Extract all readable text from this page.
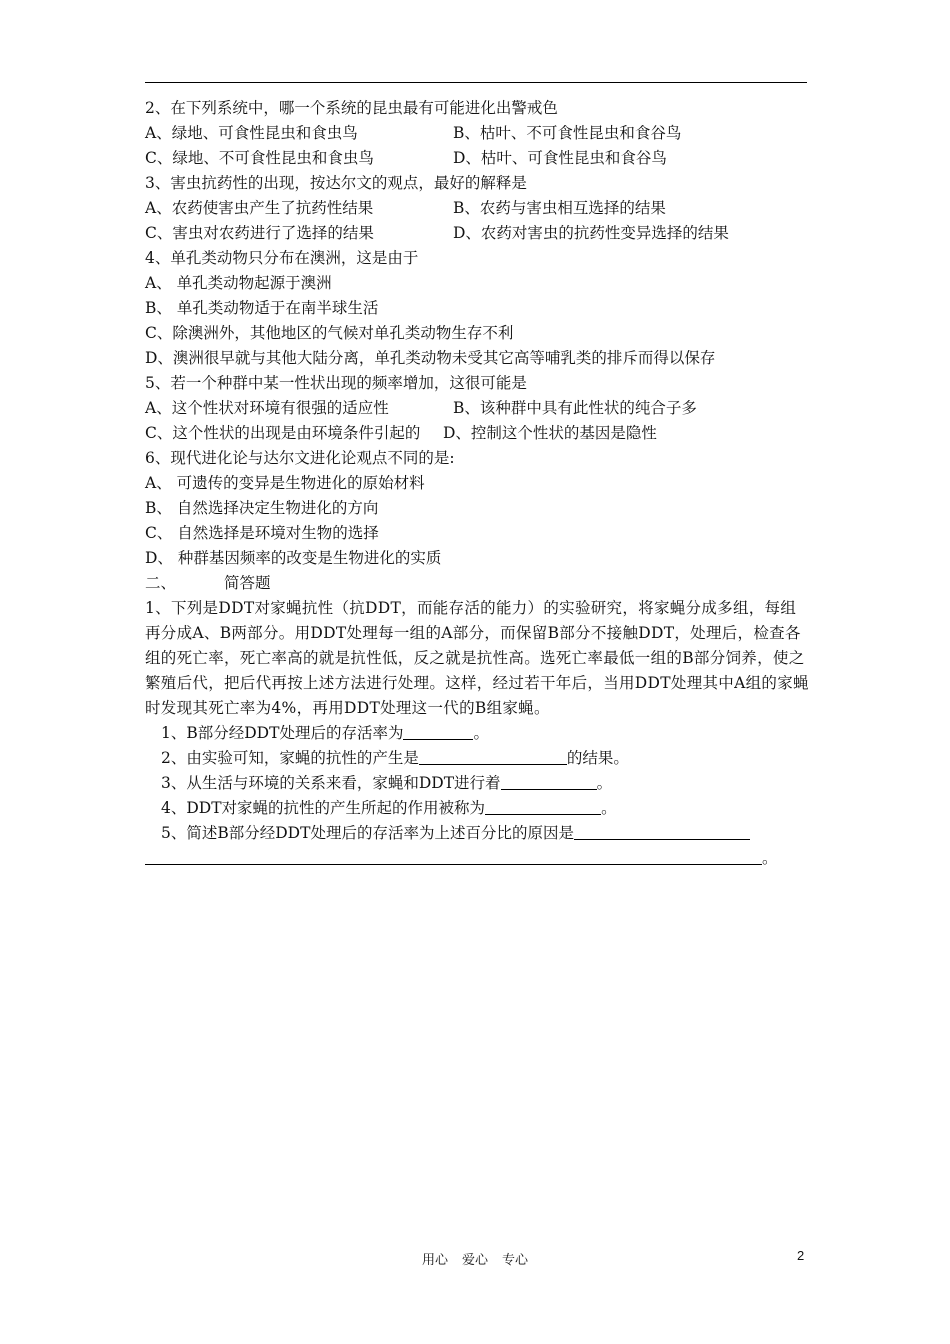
2、在下列系统中，哪一个系统的昆虫最有可能进化出警戒色
A、绿地、可食性昆虫和食虫鸟	B、枯叶、不可食性昆虫和食谷鸟
C、绿地、不可食性昆虫和食虫鸟	D、枯叶、可食性昆虫和食谷鸟
3、害虫抗药性的出现，按达尔文的观点，最好的解释是
A、农药使害虫产生了抗药性结果	B、农药与害虫相互选择的结果
C、害虫对农药进行了选择的结果	D、农药对害虫的抗药性变异选择的结果
4、单孔类动物只分布在澳洲，这是由于
A、 单孔类动物起源于澳洲
B、 单孔类动物适于在南半球生活
C、除澳洲外，其他地区的气候对单孔类动物生存不利
D、澳洲很早就与其他大陆分离，单孔类动物未受其它高等哺乳类的排斥而得以保存
5、若一个种群中某一性状出现的频率增加，这很可能是
A、这个性状对环境有很强的适应性	B、该种群中具有此性状的纯合子多
C、这个性状的出现是由环境条件引起的	D、控制这个性状的基因是隐性
6、现代进化论与达尔文进化论观点不同的是:
A、 可遗传的变异是生物进化的原始材料
B、 自然选择决定生物进化的方向
C、 自然选择是环境对生物的选择
D、 种群基因频率的改变是生物进化的实质
二、	简答题
1、下列是DDT对家蝇抗性（抗DDT，而能存活的能力）的实验研究，将家蝇分成多组，每组再分成A、B两部分。用DDT处理每一组的A部分，而保留B部分不接触DDT，处理后，检查各组的死亡率，死亡率高的就是抗性低，反之就是抗性高。选死亡率最低一组的B部分饲养，使之繁殖后代，把后代再按上述方法进行处理。这样，经过若干年后，当用DDT处理其中A组的家蝇时发现其死亡率为4%，再用DDT处理这一代的B组家蝇。
1、B部分经DDT处理后的存活率为	。
2、由实验可知，家蝇的抗性的产生是	的结果。
3、从生活与环境的关系来看，家蝇和DDT进行着	。
4、DDT对家蝇的抗性的产生所起的作用被称为	。
5、简述B部分经DDT处理后的存活率为上述百分比的原因是
。
用心 爱心 专心	2
